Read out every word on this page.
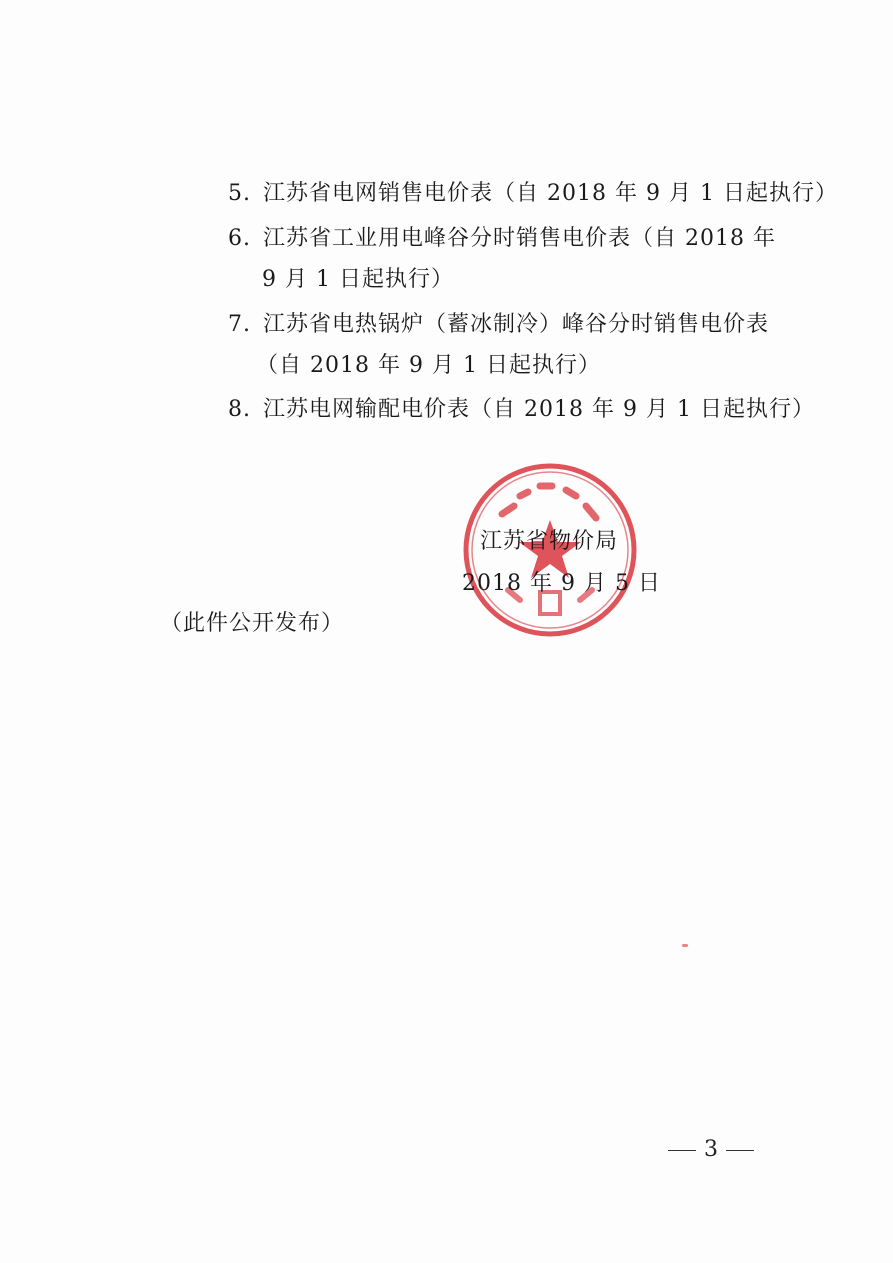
5. 江苏省电网销售电价表（自 2018 年 9 月 1 日起执行）
6. 江苏省工业用电峰谷分时销售电价表（自 2018 年
9 月 1 日起执行）
7. 江苏省电热锅炉（蓄冰制冷）峰谷分时销售电价表
（自 2018 年 9 月 1 日起执行）
8. 江苏电网输配电价表（自 2018 年 9 月 1 日起执行）
江苏省物价局
2018 年 9 月 5 日
（此件公开发布）
3
